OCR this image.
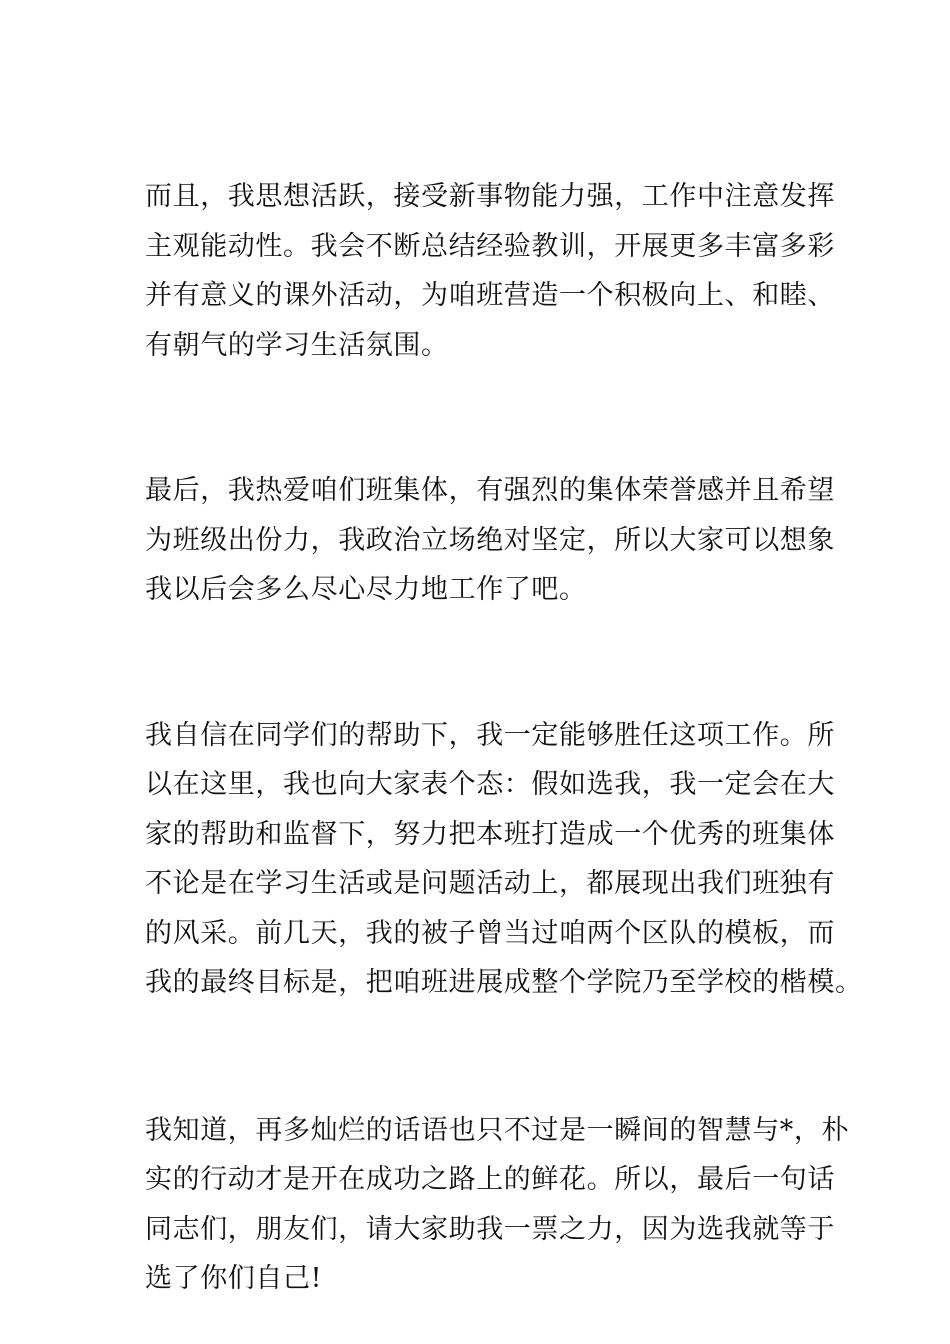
而且，我思想活跃，接受新事物能力强，工作中注意发挥
主观能动性。我会不断总结经验教训，开展更多丰富多彩
并有意义的课外活动，为咱班营造一个积极向上、和睦、
有朝气的学习生活氛围。
最后，我热爱咱们班集体，有强烈的集体荣誉感并且希望
为班级出份力，我政治立场绝对坚定，所以大家可以想象
我以后会多么尽心尽力地工作了吧。
我自信在同学们的帮助下，我一定能够胜任这项工作。所
以在这里，我也向大家表个态：假如选我，我一定会在大
家的帮助和监督下，努力把本班打造成一个优秀的班集体
不论是在学习生活或是问题活动上，都展现出我们班独有
的风采。前几天，我的被子曾当过咱两个区队的模板，而
我的最终目标是，把咱班进展成整个学院乃至学校的楷模。
我知道，再多灿烂的话语也只不过是一瞬间的智慧与*，朴
实的行动才是开在成功之路上的鲜花。所以，最后一句话
同志们，朋友们，请大家助我一票之力，因为选我就等于
选了你们自己!
